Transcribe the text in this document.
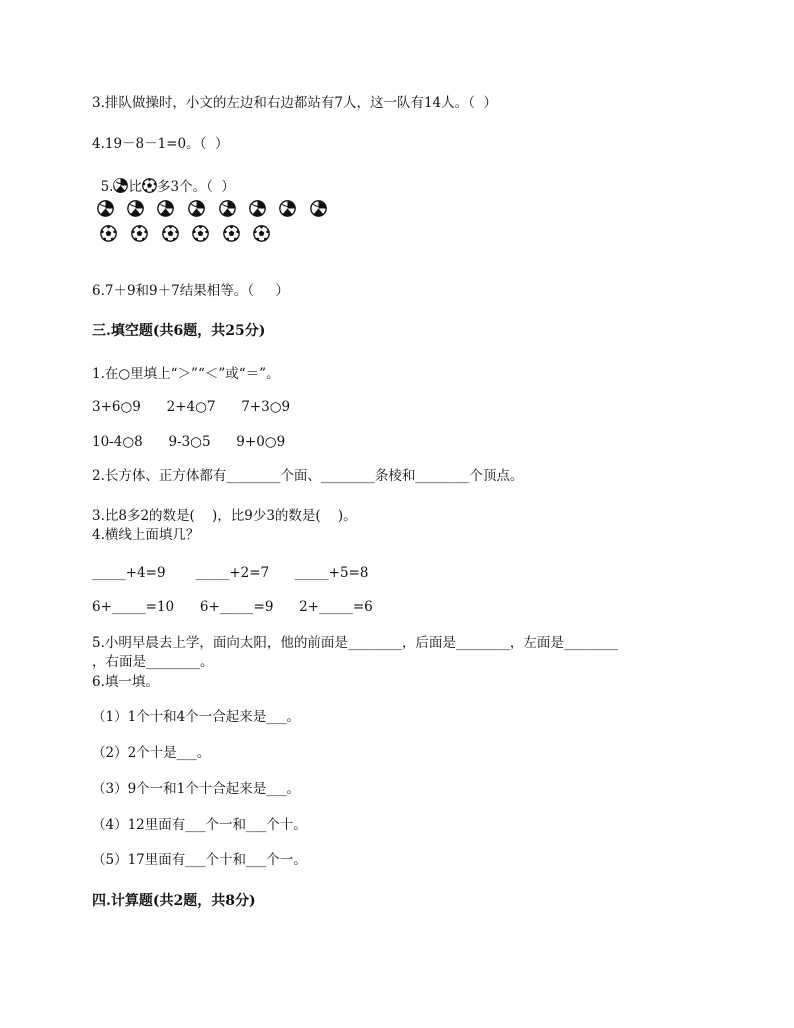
3.排队做操时，小文的左边和右边都站有7人，这一队有14人。（  ）
4.19－8－1=0。（  ）

5. 比 多3个。（  ）

6.7＋9和9＋7结果相等。（     ）
三.填空题(共6题，共25分)
1.在○里填上“＞”“＜”或“＝”。
3+6○9      2+4○7      7+3○9
10-4○8      9-3○5      9+0○9
2.长方体、正方体都有________个面、________条棱和________个顶点。
3.比8多2的数是(    )，比9少3的数是(    )。
4.横线上面填几？
_____+4=9       _____+2=7      _____+5=8
6+_____=10      6+_____=9      2+_____=6
5.小明早晨去上学，面向太阳，他的前面是________，后面是________，左面是________
，右面是________。
6.填一填。
（1）1个十和4个一合起来是___。
（2）2个十是___。
（3）9个一和1个十合起来是___。
（4）12里面有___个一和___个十。
（5）17里面有___个十和___个一。
四.计算题(共2题，共8分)
